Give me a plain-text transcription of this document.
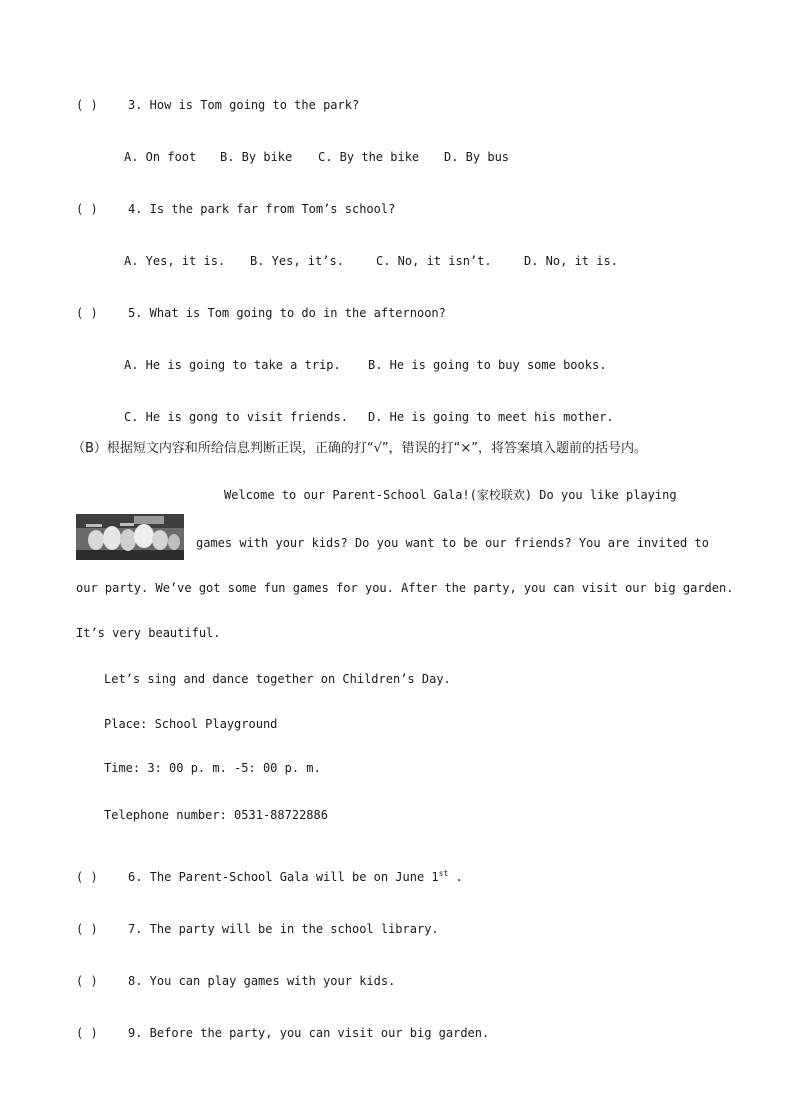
( )	3. How is Tom going to the park?
A. On foot B. By bike C. By the bike D. By bus
( )	4. Is the park far from Tom’s school?
A. Yes, it is. B. Yes, it’s.	C. No, it isn’t.	D. No, it is.
( )	5. What is Tom going to do in the afternoon?
A. He is going to take a trip. B. He is going to buy some books.
C. He is gong to visit friends. D. He is going to meet his mother.
（B）根据短文内容和所给信息判断正误，正确的打“√”，错误的打“×”，将答案填入题前的括号内。
Welcome to our Parent-School Gala!(家校联欢) Do you like playing
games with your kids? Do you want to be our friends? You are invited to
our party. We’ve got some fun games for you. After the party, you can visit our big garden.
It’s very beautiful.
Let’s sing and dance together on Children’s Day.
Place: School Playground
Time: 3: 00 p. m. -5: 00 p. m.
Telephone number: 0531-88722886
( )	6. The Parent-School Gala will be on June 1st .
( )	7. The party will be in the school library.
( )	8. You can play games with your kids.
( )	9. Before the party, you can visit our big garden.
